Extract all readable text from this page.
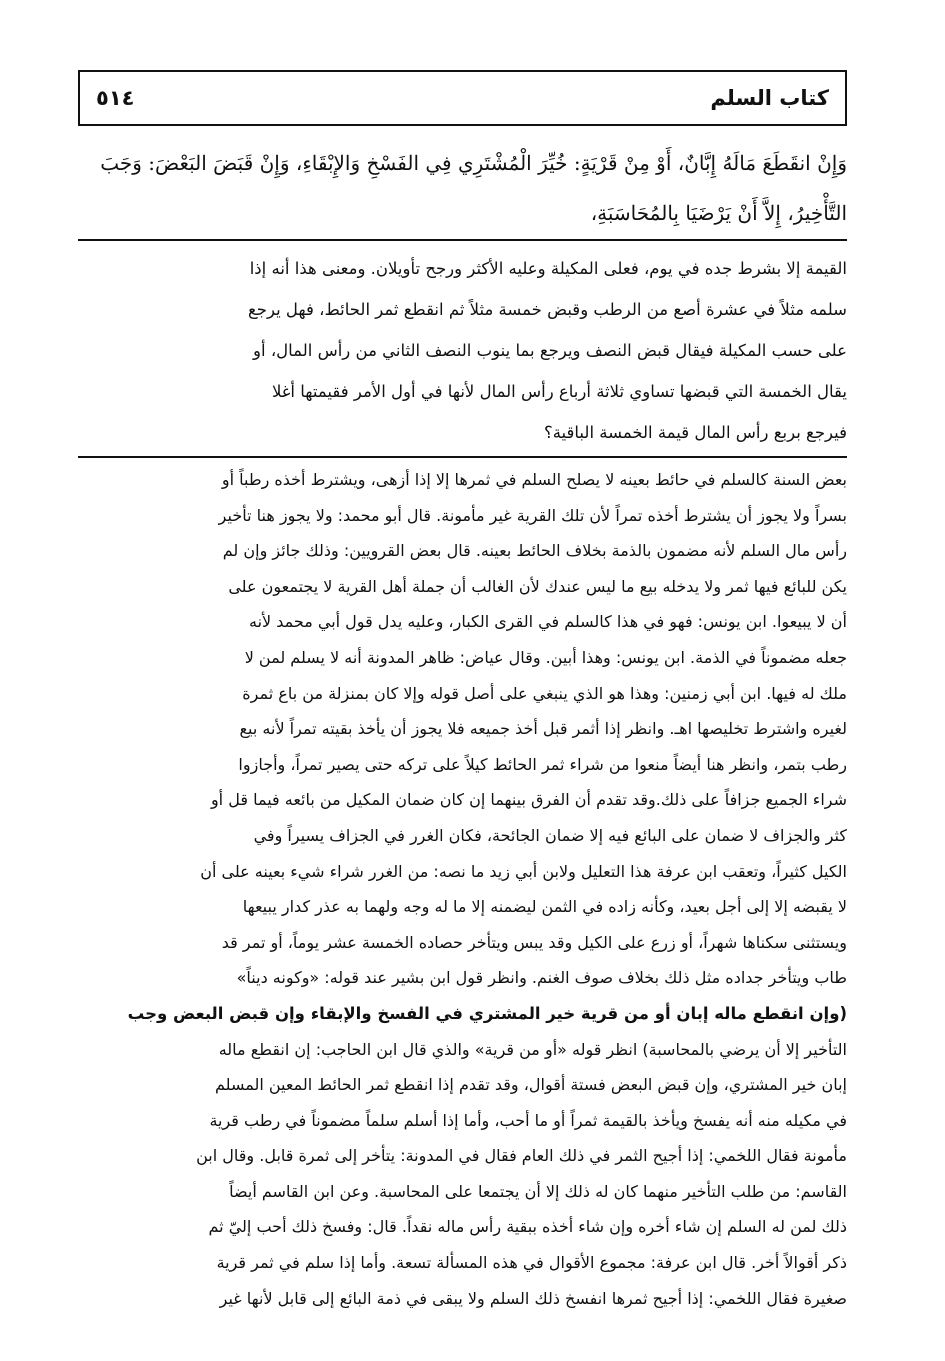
كتاب السلم
٥١٤
وَإِنْ انقَطَعَ مَالَهُ إِبَّانٌ، أَوْ مِنْ قَرْيَةٍ: خُيِّرَ الْمُشْتَرِي فِي الفَسْخِ وَالإِبْقَاءِ، وَإِنْ قَبَضَ البَعْضَ: وَجَبَ
التَّأْخِيرُ، إِلاَّ أَنْ يَرْضَيَا بِالمُحَاسَبَةِ،
القيمة إلا بشرط جده في يوم، فعلى المكيلة وعليه الأكثر ورجح تأويلان. ومعنى هذا أنه إذا
سلمه مثلاً في عشرة أصع من الرطب وقبض خمسة مثلاً ثم انقطع ثمر الحائط، فهل يرجع
على حسب المكيلة فيقال قبض النصف ويرجع بما ينوب النصف الثاني من رأس المال، أو
يقال الخمسة التي قبضها تساوي ثلاثة أرباع رأس المال لأنها في أول الأمر فقيمتها أغلا
فيرجع بربع رأس المال قيمة الخمسة الباقية؟
بعض السنة كالسلم في حائط بعينه لا يصلح السلم في ثمرها إلا إذا أزهى، ويشترط أخذه رطباً أو
بسراً ولا يجوز أن يشترط أخذه تمراً لأن تلك القرية غير مأمونة. قال أبو محمد: ولا يجوز هنا تأخير
رأس مال السلم لأنه مضمون بالذمة بخلاف الحائط بعينه. قال بعض القرويين: وذلك جائز وإن لم
يكن للبائع فيها ثمر ولا يدخله بيع ما ليس عندك لأن الغالب أن جملة أهل القرية لا يجتمعون على
أن لا يبيعوا. ابن يونس: فهو في هذا كالسلم في القرى الكبار، وعليه يدل قول أبي محمد لأنه
جعله مضموناً في الذمة. ابن يونس: وهذا أبين. وقال عياض: ظاهر المدونة أنه لا يسلم لمن لا
ملك له فيها. ابن أبي زمنين: وهذا هو الذي ينبغي على أصل قوله وإلا كان بمنزلة من باع ثمرة
لغيره واشترط تخليصها اهـ. وانظر إذا أثمر قبل أخذ جميعه فلا يجوز أن يأخذ بقيته تمراً لأنه بيع
رطب بتمر، وانظر هنا أيضاً منعوا من شراء ثمر الحائط كيلاً على تركه حتى يصير تمراً، وأجازوا
شراء الجميع جزافاً على ذلك.وقد تقدم أن الفرق بينهما إن كان ضمان المكيل من بائعه فيما قل أو
كثر والجزاف لا ضمان على البائع فيه إلا ضمان الجائحة، فكان الغرر في الجزاف يسيراً وفي
الكيل كثيراً، وتعقب ابن عرفة هذا التعليل ولابن أبي زيد ما نصه: من الغرر شراء شيء بعينه على أن
لا يقبضه إلا إلى أجل بعيد، وكأنه زاده في الثمن ليضمنه إلا ما له وجه ولهما به عذر كدار يبيعها
ويستثنى سكناها شهراً، أو زرع على الكيل وقد يبس ويتأخر حصاده الخمسة عشر يوماً، أو تمر قد
طاب ويتأخر جداده مثل ذلك بخلاف صوف الغنم. وانظر قول ابن بشير عند قوله: «وكونه ديناً»
(وإن انقطع ماله إبان أو من قرية خير المشتري في الفسخ والإبقاء وإن قبض البعض وجب
التأخير إلا أن يرضي بالمحاسبة) انظر قوله «أو من قرية» والذي قال ابن الحاجب: إن انقطع ماله
إبان خير المشتري، وإن قبض البعض فستة أقوال، وقد تقدم إذا انقطع ثمر الحائط المعين المسلم
في مكيله منه أنه يفسخ ويأخذ بالقيمة ثمراً أو ما أحب، وأما إذا أسلم سلماً مضموناً في رطب قرية
مأمونة فقال اللخمي: إذا أجيح الثمر في ذلك العام فقال في المدونة: يتأخر إلى ثمرة قابل. وقال ابن
القاسم: من طلب التأخير منهما كان له ذلك إلا أن يجتمعا على المحاسبة. وعن ابن القاسم أيضاً
ذلك لمن له السلم إن شاء أخره وإن شاء أخذه ببقية رأس ماله نقداً. قال: وفسخ ذلك أحب إليّ ثم
ذكر أقوالاً أخر. قال ابن عرفة: مجموع الأقوال في هذه المسألة تسعة. وأما إذا سلم في ثمر قرية
صغيرة فقال اللخمي: إذا أجيح ثمرها انفسخ ذلك السلم ولا يبقى في ذمة البائع إلى قابل لأنها غير
